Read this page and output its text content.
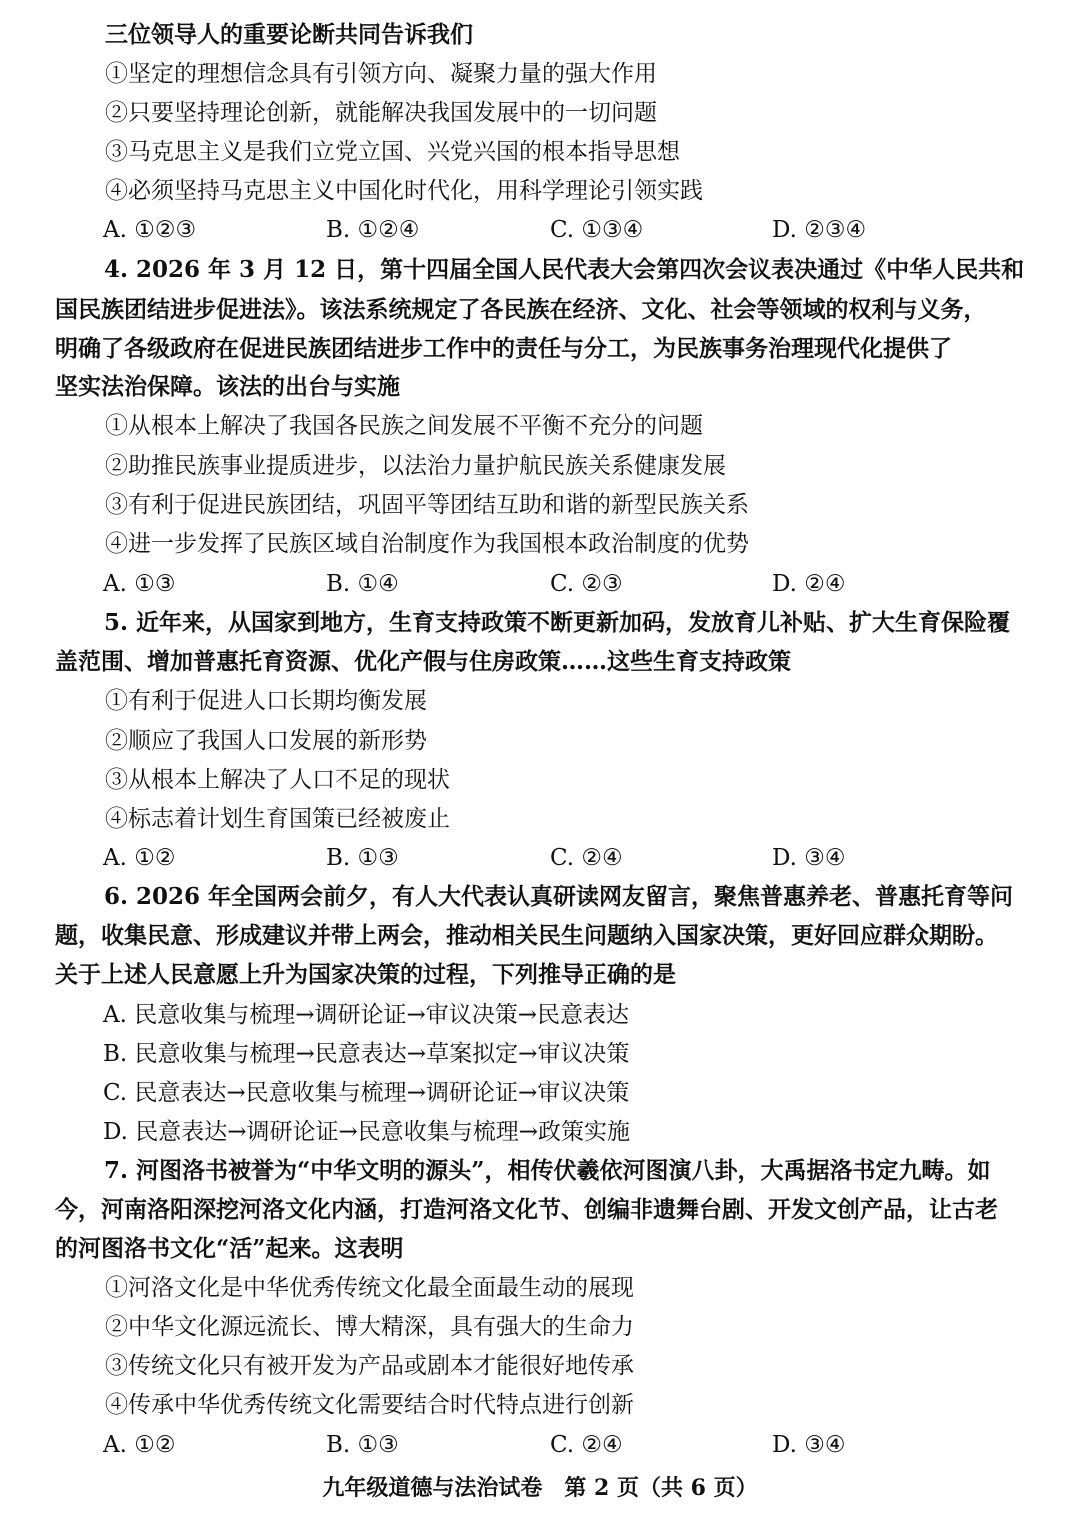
三位领导人的重要论断共同告诉我们
①坚定的理想信念具有引领方向、凝聚力量的强大作用
②只要坚持理论创新，就能解决我国发展中的一切问题
③马克思主义是我们立党立国、兴党兴国的根本指导思想
④必须坚持马克思主义中国化时代化，用科学理论引领实践
A. ①②③	B. ①②④	C. ①③④	D. ②③④
4. 2026 年 3 月 12 日，第十四届全国人民代表大会第四次会议表决通过《中华人民共和
国民族团结进步促进法》。该法系统规定了各民族在经济、文化、社会等领域的权利与义务，
明确了各级政府在促进民族团结进步工作中的责任与分工，为民族事务治理现代化提供了
坚实法治保障。该法的出台与实施
①从根本上解决了我国各民族之间发展不平衡不充分的问题
②助推民族事业提质进步，以法治力量护航民族关系健康发展
③有利于促进民族团结，巩固平等团结互助和谐的新型民族关系
④进一步发挥了民族区域自治制度作为我国根本政治制度的优势
A. ①③	B. ①④	C. ②③	D. ②④
5. 近年来，从国家到地方，生育支持政策不断更新加码，发放育儿补贴、扩大生育保险覆
盖范围、增加普惠托育资源、优化产假与住房政策……这些生育支持政策
①有利于促进人口长期均衡发展
②顺应了我国人口发展的新形势
③从根本上解决了人口不足的现状
④标志着计划生育国策已经被废止
A. ①②	B. ①③	C. ②④	D. ③④
6. 2026 年全国两会前夕，有人大代表认真研读网友留言，聚焦普惠养老、普惠托育等问
题，收集民意、形成建议并带上两会，推动相关民生问题纳入国家决策，更好回应群众期盼。
关于上述人民意愿上升为国家决策的过程，下列推导正确的是
A. 民意收集与梳理→调研论证→审议决策→民意表达
B. 民意收集与梳理→民意表达→草案拟定→审议决策
C. 民意表达→民意收集与梳理→调研论证→审议决策
D. 民意表达→调研论证→民意收集与梳理→政策实施
7. 河图洛书被誉为“中华文明的源头”，相传伏羲依河图演八卦，大禹据洛书定九畴。如
今，河南洛阳深挖河洛文化内涵，打造河洛文化节、创编非遗舞台剧、开发文创产品，让古老
的河图洛书文化“活”起来。这表明
①河洛文化是中华优秀传统文化最全面最生动的展现
②中华文化源远流长、博大精深，具有强大的生命力
③传统文化只有被开发为产品或剧本才能很好地传承
④传承中华优秀传统文化需要结合时代特点进行创新
A. ①②	B. ①③	C. ②④	D. ③④
九年级道德与法治试卷　第 2 页（共 6 页）
